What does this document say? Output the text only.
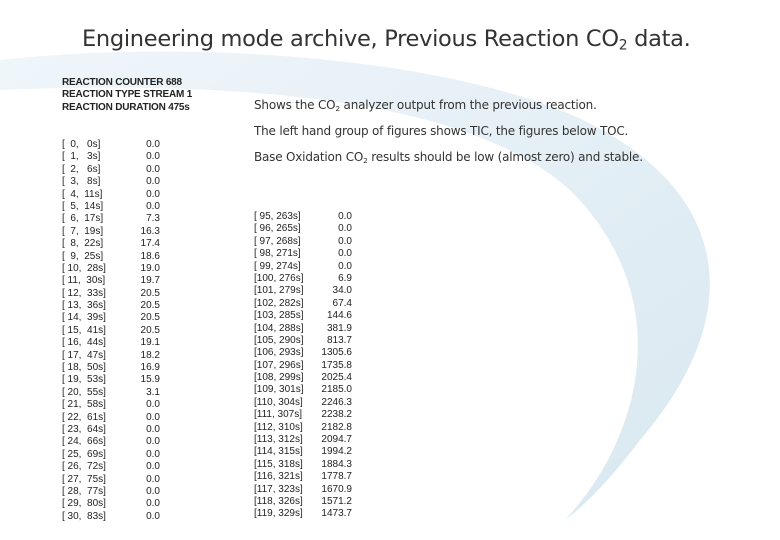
Engineering mode archive, Previous Reaction $CO_2$ data.
REACTION COUNTER 688
REACTION TYPE STREAM 1
REACTION DURATION 475s	Shows the $CO_2$ analyzer output from the previous reaction.
The left hand group of figures shows TIC, the figures below TOC.
Base Oxidation $CO_2$ results should be low (almost zero) and stable.
[  0,   0s]	0.0
[  1,   3s]	0.0
[  2,   6s]	0.0
[  3,   8s]	0.0
[  4,  11s]	0.0
[  5,  14s]	0.0
[  6,  17s]	7.3
[  7,  19s]	16.3
[  8,  22s]	17.4
[  9,  25s]	18.6
[ 10,  28s]	19.0
[ 11,  30s]	19.7
[ 12,  33s]	20.5
[ 13,  36s]	20.5
[ 14,  39s]	20.5
[ 15,  41s]	20.5
[ 16,  44s]	19.1
[ 17,  47s]	18.2
[ 18,  50s]	16.9
[ 19,  53s]	15.9
[ 20,  55s]	3.1
[ 21,  58s]	0.0
[ 22,  61s]	0.0
[ 23,  64s]	0.0
[ 24,  66s]	0.0
[ 25,  69s]	0.0
[ 26,  72s]	0.0
[ 27,  75s]	0.0
[ 28,  77s]	0.0
[ 29,  80s]	0.0
[ 30,  83s]	0.0
[ 95, 263s]	0.0
[ 96, 265s]	0.0
[ 97, 268s]	0.0
[ 98, 271s]	0.0
[ 99, 274s]	0.0
[100, 276s]	6.9
[101, 279s]	34.0
[102, 282s]	67.4
[103, 285s] 144.6
[104, 288s] 381.9
[105, 290s] 813.7
[106, 293s] 1305.6
[107, 296s] 1735.8
[108, 299s] 2025.4
[109, 301s] 2185.0
[110, 304s] 2246.3
[111, 307s] 2238.2
[112, 310s] 2182.8
[113, 312s] 2094.7
[114, 315s] 1994.2
[115, 318s] 1884.3
[116, 321s] 1778.7
[117, 323s] 1670.9
[118, 326s] 1571.2
[119, 329s] 1473.7
